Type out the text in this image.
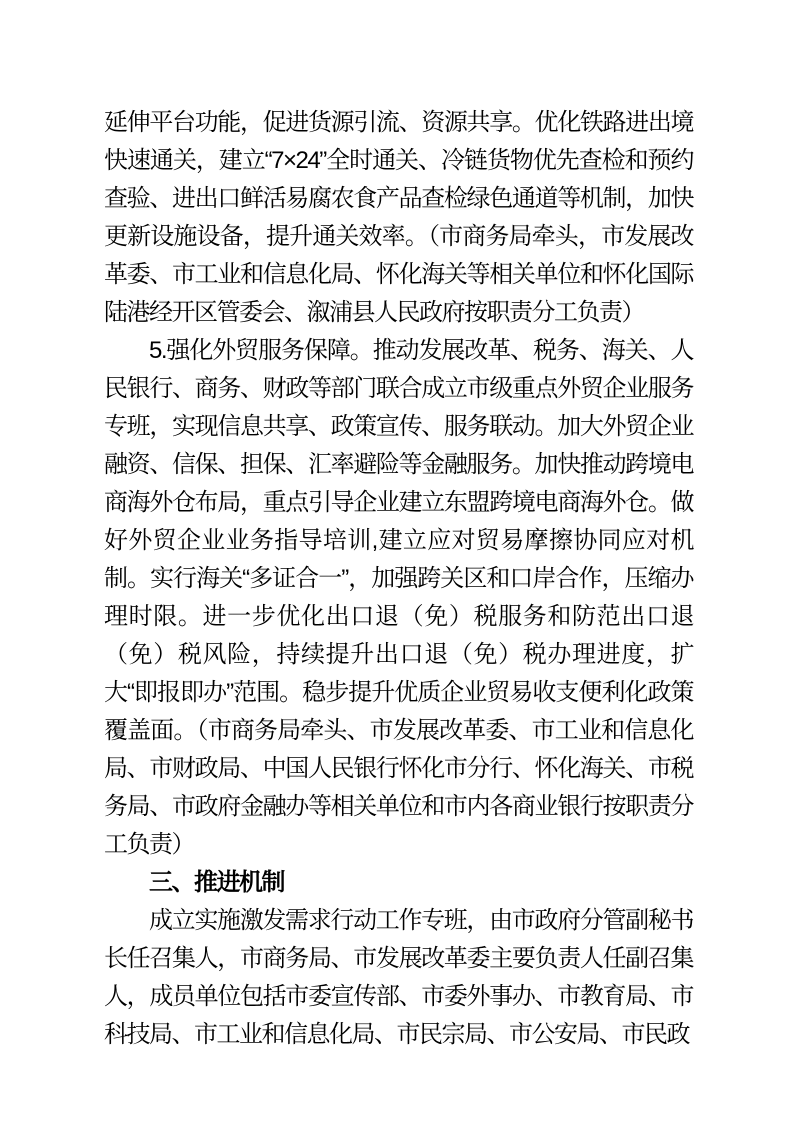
延伸平台功能，促进货源引流、资源共享。优化铁路进出境快速通关，建立“7×24”全时通关、冷链货物优先查检和预约查验、进出口鲜活易腐农食产品查检绿色通道等机制，加快更新设施设备，提升通关效率。（市商务局牵头，市发展改革委、市工业和信息化局、怀化海关等相关单位和怀化国际陆港经开区管委会、溆浦县人民政府按职责分工负责）

5.强化外贸服务保障。推动发展改革、税务、海关、人民银行、商务、财政等部门联合成立市级重点外贸企业服务专班，实现信息共享、政策宣传、服务联动。加大外贸企业融资、信保、担保、汇率避险等金融服务。加快推动跨境电商海外仓布局，重点引导企业建立东盟跨境电商海外仓。做好外贸企业业务指导培训,建立应对贸易摩擦协同应对机制。实行海关“多证合一”，加强跨关区和口岸合作，压缩办理时限。进一步优化出口退（免）税服务和防范出口退（免）税风险，持续提升出口退（免）税办理进度，扩大“即报即办”范围。稳步提升优质企业贸易收支便利化政策覆盖面。（市商务局牵头、市发展改革委、市工业和信息化局、市财政局、中国人民银行怀化市分行、怀化海关、市税务局、市政府金融办等相关单位和市内各商业银行按职责分工负责）

三、推进机制

成立实施激发需求行动工作专班，由市政府分管副秘书长任召集人，市商务局、市发展改革委主要负责人任副召集人，成员单位包括市委宣传部、市委外事办、市教育局、市科技局、市工业和信息化局、市民宗局、市公安局、市民政
